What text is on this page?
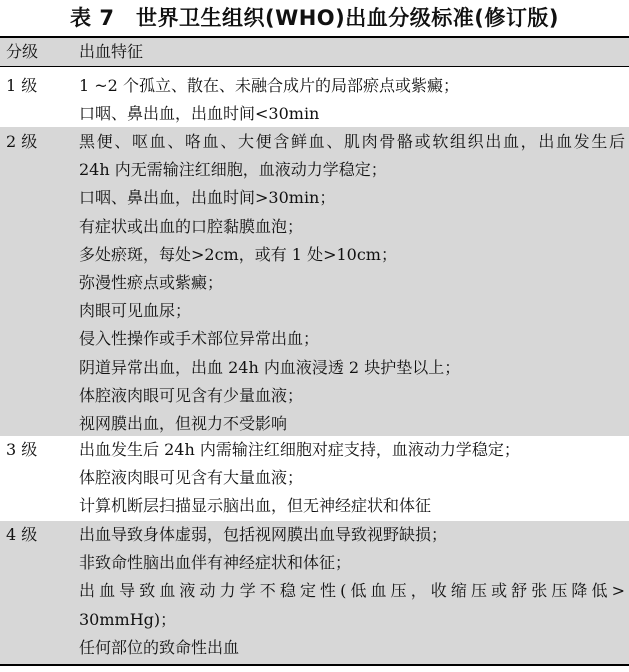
表 7　世界卫生组织(WHO)出血分级标准(修订版)
分级	出血特征
1 级	1 ~2 个孤立、散在、未融合成片的局部瘀点或紫癜；
口咽、鼻出血，出血时间<30min
2 级	黑便、呕血、咯血、大便含鲜血、肌肉骨骼或软组织出血，出血发生后
24h 内无需输注红细胞，血液动力学稳定；
口咽、鼻出血，出血时间>30min；
有症状或出血的口腔黏膜血泡；
多处瘀斑，每处>2cm，或有 1 处>10cm；
弥漫性瘀点或紫癜；
肉眼可见血尿；
侵入性操作或手术部位异常出血；
阴道异常出血，出血 24h 内血液浸透 2 块护垫以上；
体腔液肉眼可见含有少量血液；
视网膜出血，但视力不受影响
3 级	出血发生后 24h 内需输注红细胞对症支持，血液动力学稳定；
体腔液肉眼可见含有大量血液；
计算机断层扫描显示脑出血，但无神经症状和体征
4 级	出血导致身体虚弱，包括视网膜出血导致视野缺损；
非致命性脑出血伴有神经症状和体征；
出血导致血液动力学不稳定性(低血压，收缩压或舒张压降低>
30mmHg)；
任何部位的致命性出血
